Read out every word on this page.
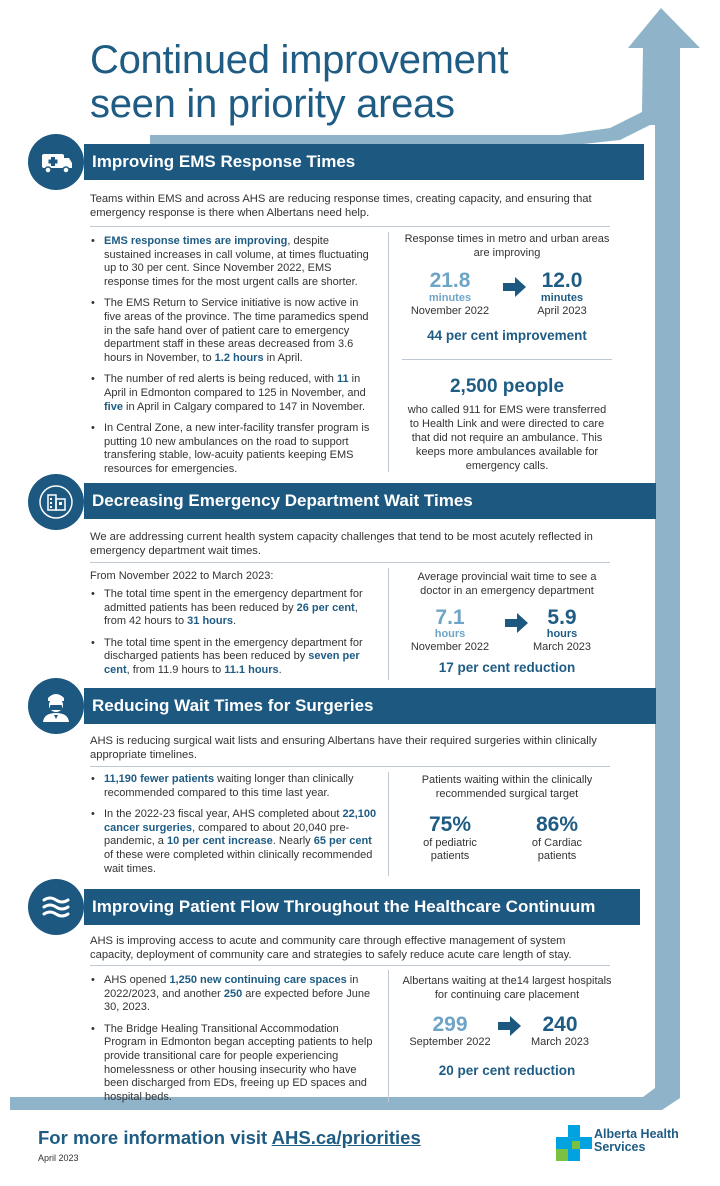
Continued improvement
seen in priority areas
Improving EMS Response Times

Teams within EMS and across AHS are reducing response times, creating capacity, and ensuring that emergency response is there when Albertans need help.

• EMS response times are improving, despite sustained increases in call volume, at times fluctuating up to 30 per cent. Since November 2022, EMS response times for the most urgent calls are shorter.
• The EMS Return to Service initiative is now active in five areas of the province. The time paramedics spend in the safe hand over of patient care to emergency department staff in these areas decreased from 3.6 hours in November, to 1.2 hours in April.
• The number of red alerts is being reduced, with 11 in April in Edmonton compared to 125 in November, and five in April in Calgary compared to 147 in November.
• In Central Zone, a new inter-facility transfer program is putting 10 new ambulances on the road to support transfering stable, low-acuity patients keeping EMS resources for emergencies.
Response times in metro and urban areas are improving
21.8
minutes
November 2022
12.0
minutes
April 2023
44 per cent improvement
2,500 people
who called 911 for EMS were transferred to Health Link and were directed to care that did not require an ambulance. This keeps more ambulances available for emergency calls.
Decreasing Emergency Department Wait Times

We are addressing current health system capacity challenges that tend to be most acutely reflected in emergency department wait times.

From November 2022 to March 2023:
• The total time spent in the emergency department for admitted patients has been reduced by 26 per cent, from 42 hours to 31 hours.
• The total time spent in the emergency department for discharged patients has been reduced by seven per cent, from 11.9 hours to 11.1 hours.
Average provincial wait time to see a doctor in an emergency department
7.1
hours
November 2022
5.9
hours
March 2023
17 per cent reduction
Reducing Wait Times for Surgeries

AHS is reducing surgical wait lists and ensuring Albertans have their required surgeries within clinically appropriate timelines.

• 11,190 fewer patients waiting longer than clinically recommended compared to this time last year.
• In the 2022-23 fiscal year, AHS completed about 22,100 cancer surgeries, compared to about 20,040 pre-pandemic, a 10 per cent increase. Nearly 65 per cent of these were completed within clinically recommended wait times.
Patients waiting within the clinically recommended surgical target
75%
of pediatric patients
86%
of Cardiac patients
Improving Patient Flow Throughout the Healthcare Continuum

AHS is improving access to acute and community care through effective management of system capacity, deployment of community care and strategies to safely reduce acute care length of stay.

• AHS opened 1,250 new continuing care spaces in 2022/2023, and another 250 are expected before June 30, 2023.
• The Bridge Healing Transitional Accommodation Program in Edmonton began accepting patients to help provide transitional care for people experiencing homelessness or other housing insecurity who have been discharged from EDs, freeing up ED spaces and hospital beds.
Albertans waiting at the14 largest hospitals for continuing care placement
299
September 2022
240
March 2023
20 per cent reduction
For more information visit AHS.ca/priorities
April 2023
Alberta Health
Services
